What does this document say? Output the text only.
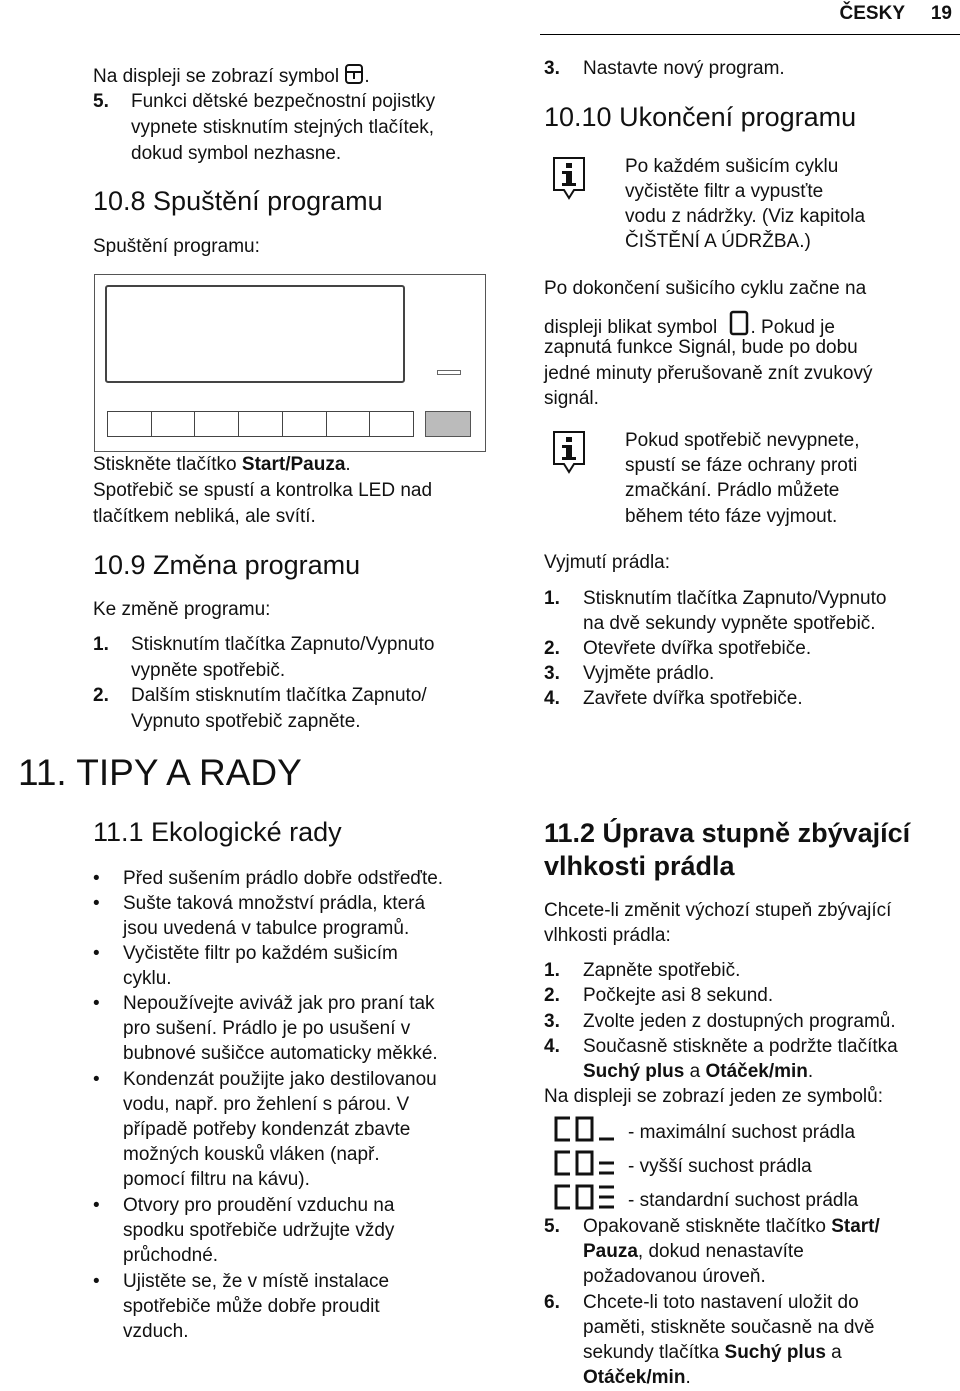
ČESKY 19
Na displeji se zobrazí symbol .
5. Funkci dětské bezpečnostní pojistky
vypnete stisknutím stejných tlačítek,
dokud symbol nezhasne.
10.8 Spuštění programu
Spuštění programu:
Stiskněte tlačítko Start/Pauza.
Spotřebič se spustí a kontrolka LED nad
tlačítkem nebliká, ale svítí.
10.9 Změna programu
Ke změně programu:
1. Stisknutím tlačítka Zapnuto/Vypnuto
vypněte spotřebič.
2. Dalším stisknutím tlačítka Zapnuto/
Vypnuto spotřebič zapněte.
11. TIPY A RADY
11.1 Ekologické rady
• Před sušením prádlo dobře odstřeďte.
• Sušte taková množství prádla, která
jsou uvedená v tabulce programů.
• Vyčistěte filtr po každém sušicím
cyklu.
• Nepoužívejte aviváž jak pro praní tak
pro sušení. Prádlo je po usušení v
bubnové sušičce automaticky měkké.
• Kondenzát použijte jako destilovanou
vodu, např. pro žehlení s párou. V
případě potřeby kondenzát zbavte
možných kousků vláken (např.
pomocí filtru na kávu).
• Otvory pro proudění vzduchu na
spodku spotřebiče udržujte vždy
průchodné.
• Ujistěte se, že v místě instalace
spotřebiče může dobře proudit
vzduch.
3. Nastavte nový program.
10.10 Ukončení programu
Po každém sušicím cyklu
vyčistěte filtr a vypusťte
vodu z nádržky. (Viz kapitola
ČIŠTĚNÍ A ÚDRŽBA.)
Po dokončení sušicího cyklu začne na
displeji blikat symbol . Pokud je
zapnutá funkce Signál, bude po dobu
jedné minuty přerušovaně znít zvukový
signál.
Pokud spotřebič nevypnete,
spustí se fáze ochrany proti
zmačkání. Prádlo můžete
během této fáze vyjmout.
Vyjmutí prádla:
1. Stisknutím tlačítka Zapnuto/Vypnuto
na dvě sekundy vypněte spotřebič.
2. Otevřete dvířka spotřebiče.
3. Vyjměte prádlo.
4. Zavřete dvířka spotřebiče.
11.2 Úprava stupně zbývající
vlhkosti prádla
Chcete-li změnit výchozí stupeň zbývající
vlhkosti prádla:
1. Zapněte spotřebič.
2. Počkejte asi 8 sekund.
3. Zvolte jeden z dostupných programů.
4. Současně stiskněte a podržte tlačítka
Suchý plus a Otáček/min.
Na displeji se zobrazí jeden ze symbolů:
- maximální suchost prádla
- vyšší suchost prádla
- standardní suchost prádla
5. Opakovaně stiskněte tlačítko Start/
Pauza, dokud nenastavíte
požadovanou úroveň.
6. Chcete-li toto nastavení uložit do
paměti, stiskněte současně na dvě
sekundy tlačítka Suchý plus a
Otáček/min.
